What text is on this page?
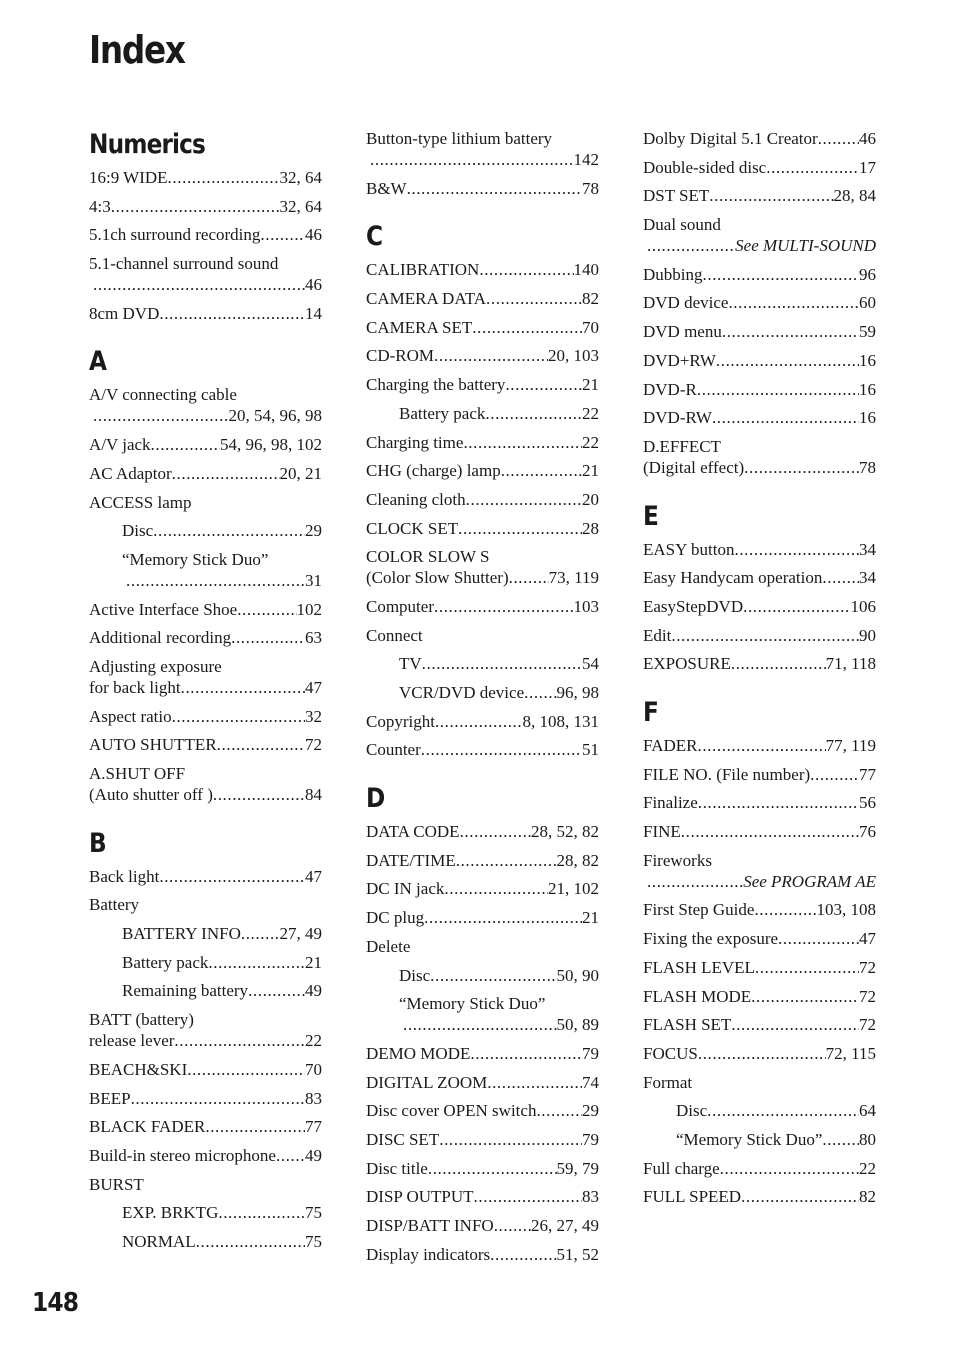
Index
Numerics
16:9 WIDE .....	32, 64
4:3 .....	32, 64
5.1ch surround recording .....	46
5.1-channel surround sound
.....
46
8cm DVD .....	14
A
A/V connecting cable
.....
20, 54, 96, 98
A/V jack .....	54, 96, 98, 102
AC Adaptor .....	20, 21
ACCESS lamp
Disc .....	29
“Memory Stick Duo”
.....
31
Active Interface Shoe .....	102
Additional recording .....	63
Adjusting exposure
for back light .....	47
Aspect ratio .....	32
AUTO SHUTTER .....	72
A.SHUT OFF
(Auto shutter off ) .....	84
B
Back light .....	47
Battery
BATTERY INFO ..... 27, 49
Battery pack .....	21
Remaining battery .....	49
BATT (battery)
release lever .....	22
BEACH&SKI .....	70
BEEP .....	83
BLACK FADER .....	77
Build-in stereo microphone ..... 49
BURST
EXP. BRKTG .....	75
NORMAL .....	75
Button-type lithium battery
.....
142
B&W .....	78
C
CALIBRATION .....	140
CAMERA DATA .....	82
CAMERA SET .....	70
CD-ROM .....	20, 103
Charging the battery .....	21
Battery pack .....	22
Charging time .....	22
CHG (charge) lamp .....	21
Cleaning cloth .....	20
CLOCK SET .....	28
COLOR SLOW S
(Color Slow Shutter) ..... 73, 119
Computer .....	103
Connect
TV .....	54
VCR/DVD device ..... 96, 98
Copyright .....	8, 108, 131
Counter .....	51
D
DATA CODE .....	28, 52, 82
DATE/TIME .....	28, 82
DC IN jack .....	21, 102
DC plug .....	21
Delete
Disc .....	50, 90
“Memory Stick Duo”
.....
50, 89
DEMO MODE .....	79
DIGITAL ZOOM .....	74
Disc cover OPEN switch .....	29
DISC SET .....	79
Disc title .....	59, 79
DISP OUTPUT .....	83
DISP/BATT INFO ..... 26, 27, 49
Display indicators .....	51, 52
Dolby Digital 5.1 Creator ..... 46
Double-sided disc .....	17
DST SET .....	28, 84
Dual sound
.....
See MULTI-SOUND
Dubbing .....	96
DVD device .....	60
DVD menu .....	59
DVD+RW .....	16
DVD-R .....	16
DVD-RW .....	16
D.EFFECT
(Digital effect) .....	78
E
EASY button .....	34
Easy Handycam operation ..... 34
EasyStepDVD .....	106
Edit .....	90
EXPOSURE .....	71, 118
F
FADER .....	77, 119
FILE NO. (File number) .....	77
Finalize .....	56
FINE .....	76
Fireworks
.....
See PROGRAM AE
First Step Guide .....	103, 108
Fixing the exposure .....	47
FLASH LEVEL .....	72
FLASH MODE .....	72
FLASH SET .....	72
FOCUS .....	72, 115
Format
Disc .....	64
“Memory Stick Duo” ..... 80
Full charge .....	22
FULL SPEED .....	82
148
